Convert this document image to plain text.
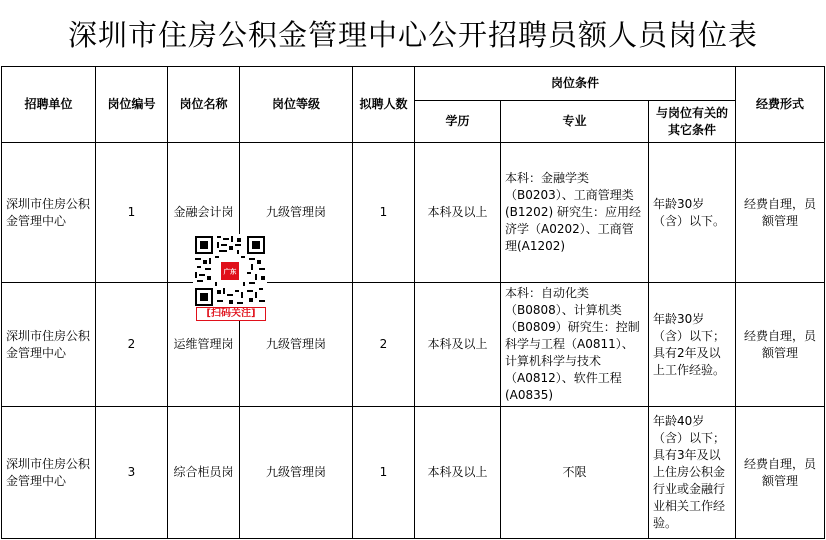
深圳市住房公积金管理中心公开招聘员额人员岗位表
招聘单位	岗位编号	岗位名称	岗位等级	拟聘人数	岗位条件			经费形式
					学历	专业	与岗位有关的其它条件	
深圳市住房公积金管理中心	1	金融会计岗	九级管理岗	1	本科及以上	本科：金融学类（B0203）、工商管理类(B1202) 研究生：应用经济学（A0202）、工商管理(A1202)	年龄30岁（含）以下。	经费自理，员额管理
深圳市住房公积金管理中心	2	运维管理岗	九级管理岗	2	本科及以上	本科：自动化类（B0808）、计算机类（B0809）研究生：控制科学与工程（A0811）、计算机科学与技术（A0812）、软件工程(A0835)	年龄30岁（含）以下；具有2年及以上工作经验。	经费自理，员额管理
深圳市住房公积金管理中心	3	综合柜员岗	九级管理岗	1	本科及以上	不限	年龄40岁（含）以下；具有3年及以上住房公积金行业或金融行业相关工作经验。	经费自理，员额管理
广东
[扫码关注]
